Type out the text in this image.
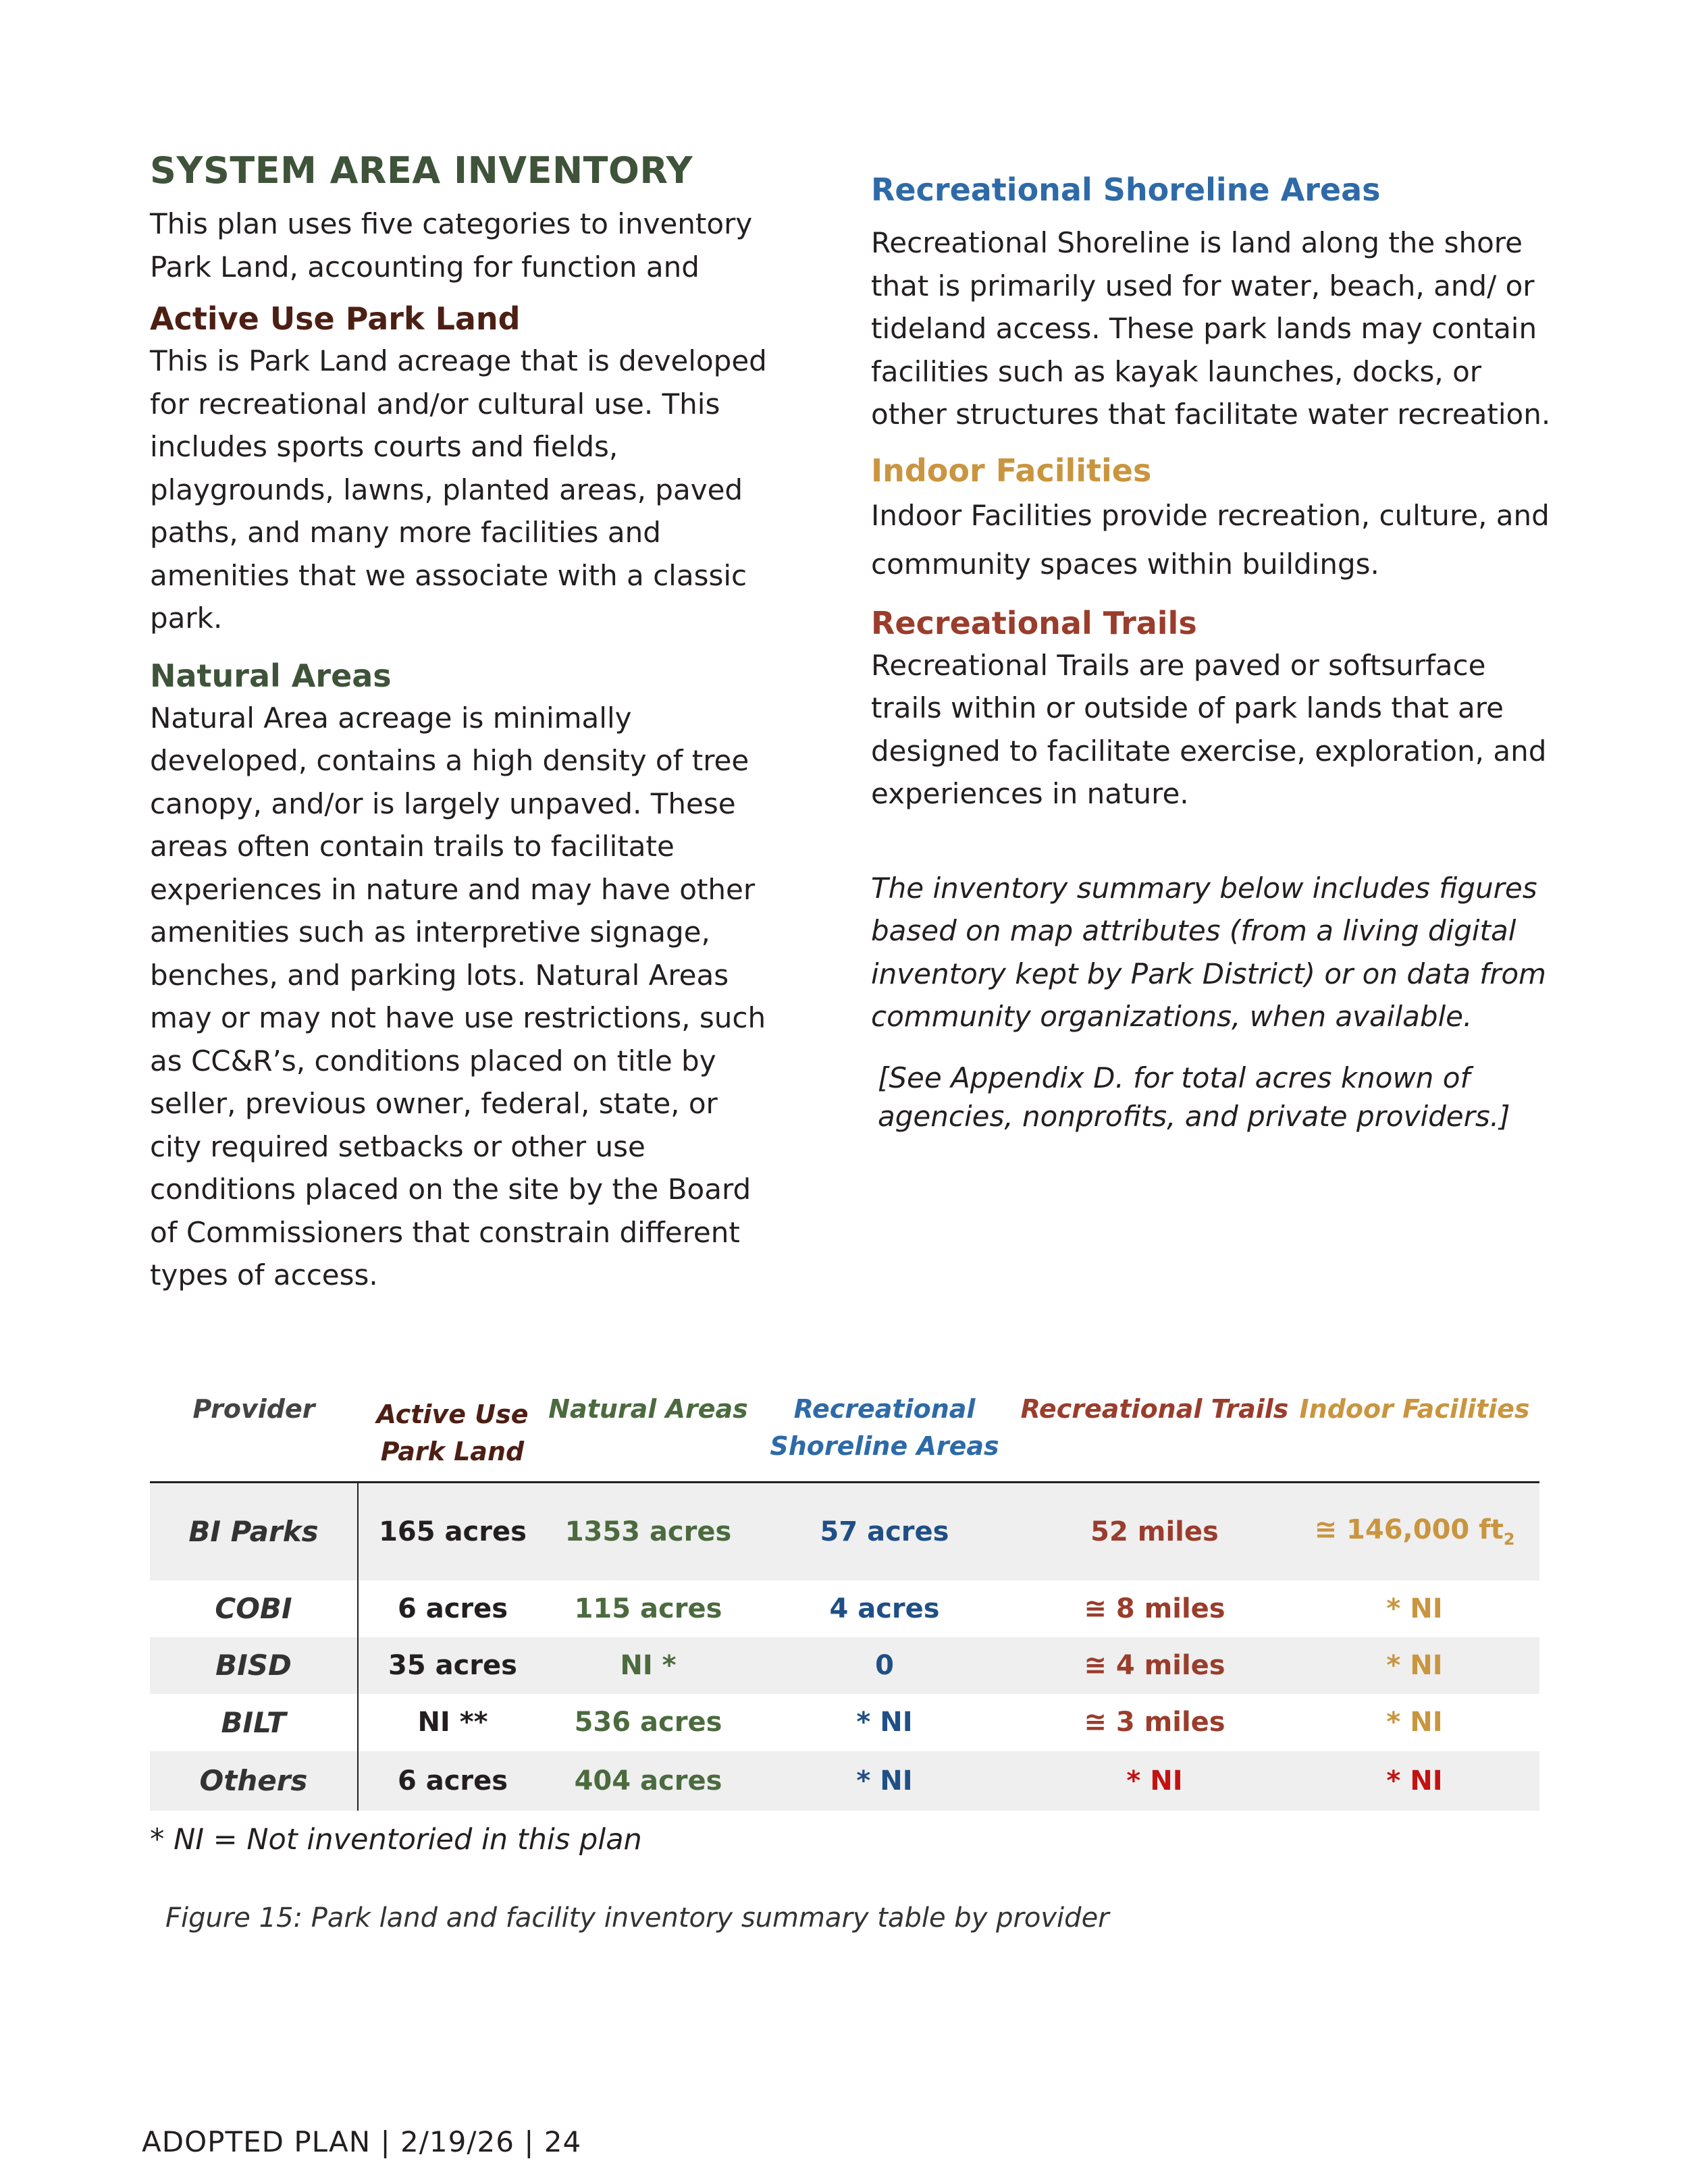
SYSTEM AREA INVENTORY

This plan uses five categories to inventory Park Land, accounting for function and

Active Use Park Land

This is Park Land acreage that is developed for recreational and/or cultural use. This includes sports courts and fields, playgrounds, lawns, planted areas, paved paths, and many more facilities and amenities that we associate with a classic park.

Natural Areas

Natural Area acreage is minimally developed, contains a high density of tree canopy, and/or is largely unpaved. These areas often contain trails to facilitate experiences in nature and may have other amenities such as interpretive signage, benches, and parking lots. Natural Areas may or may not have use restrictions, such as CC&R’s, conditions placed on title by seller, previous owner, federal, state, or city required setbacks or other use conditions placed on the site by the Board of Commissioners that constrain different types of access.

Recreational Shoreline Areas

Recreational Shoreline is land along the shore that is primarily used for water, beach, and/ or tideland access. These park lands may contain facilities such as kayak launches, docks, or other structures that facilitate water recreation.

Indoor Facilities

Indoor Facilities provide recreation, culture, and community spaces within buildings.

Recreational Trails

Recreational Trails are paved or softsurface trails within or outside of park lands that are designed to facilitate exercise, exploration, and experiences in nature.

The inventory summary below includes figures based on map attributes (from a living digital inventory kept by Park District) or on data from community organizations, when available.

[See Appendix D. for total acres known of agencies, nonprofits, and private providers.]

Provider	Active Use Park Land	Natural Areas	Recreational Shoreline Areas	Recreational Trails	Indoor Facilities
BI Parks	165 acres	1353 acres	57 acres	52 miles	≅ 146,000 $ft_2$
COBI	6 acres	115 acres	4 acres	≅ 8 miles	* NI
BISD	35 acres	NI *	0	≅ 4 miles	* NI
BILT	NI **	536 acres	* NI	≅ 3 miles	* NI
Others	6 acres	404 acres	* NI	* NI	* NI

* NI = Not inventoried in this plan

Figure 15: Park land and facility inventory summary table by provider

ADOPTED PLAN | 2/19/26 | 24
